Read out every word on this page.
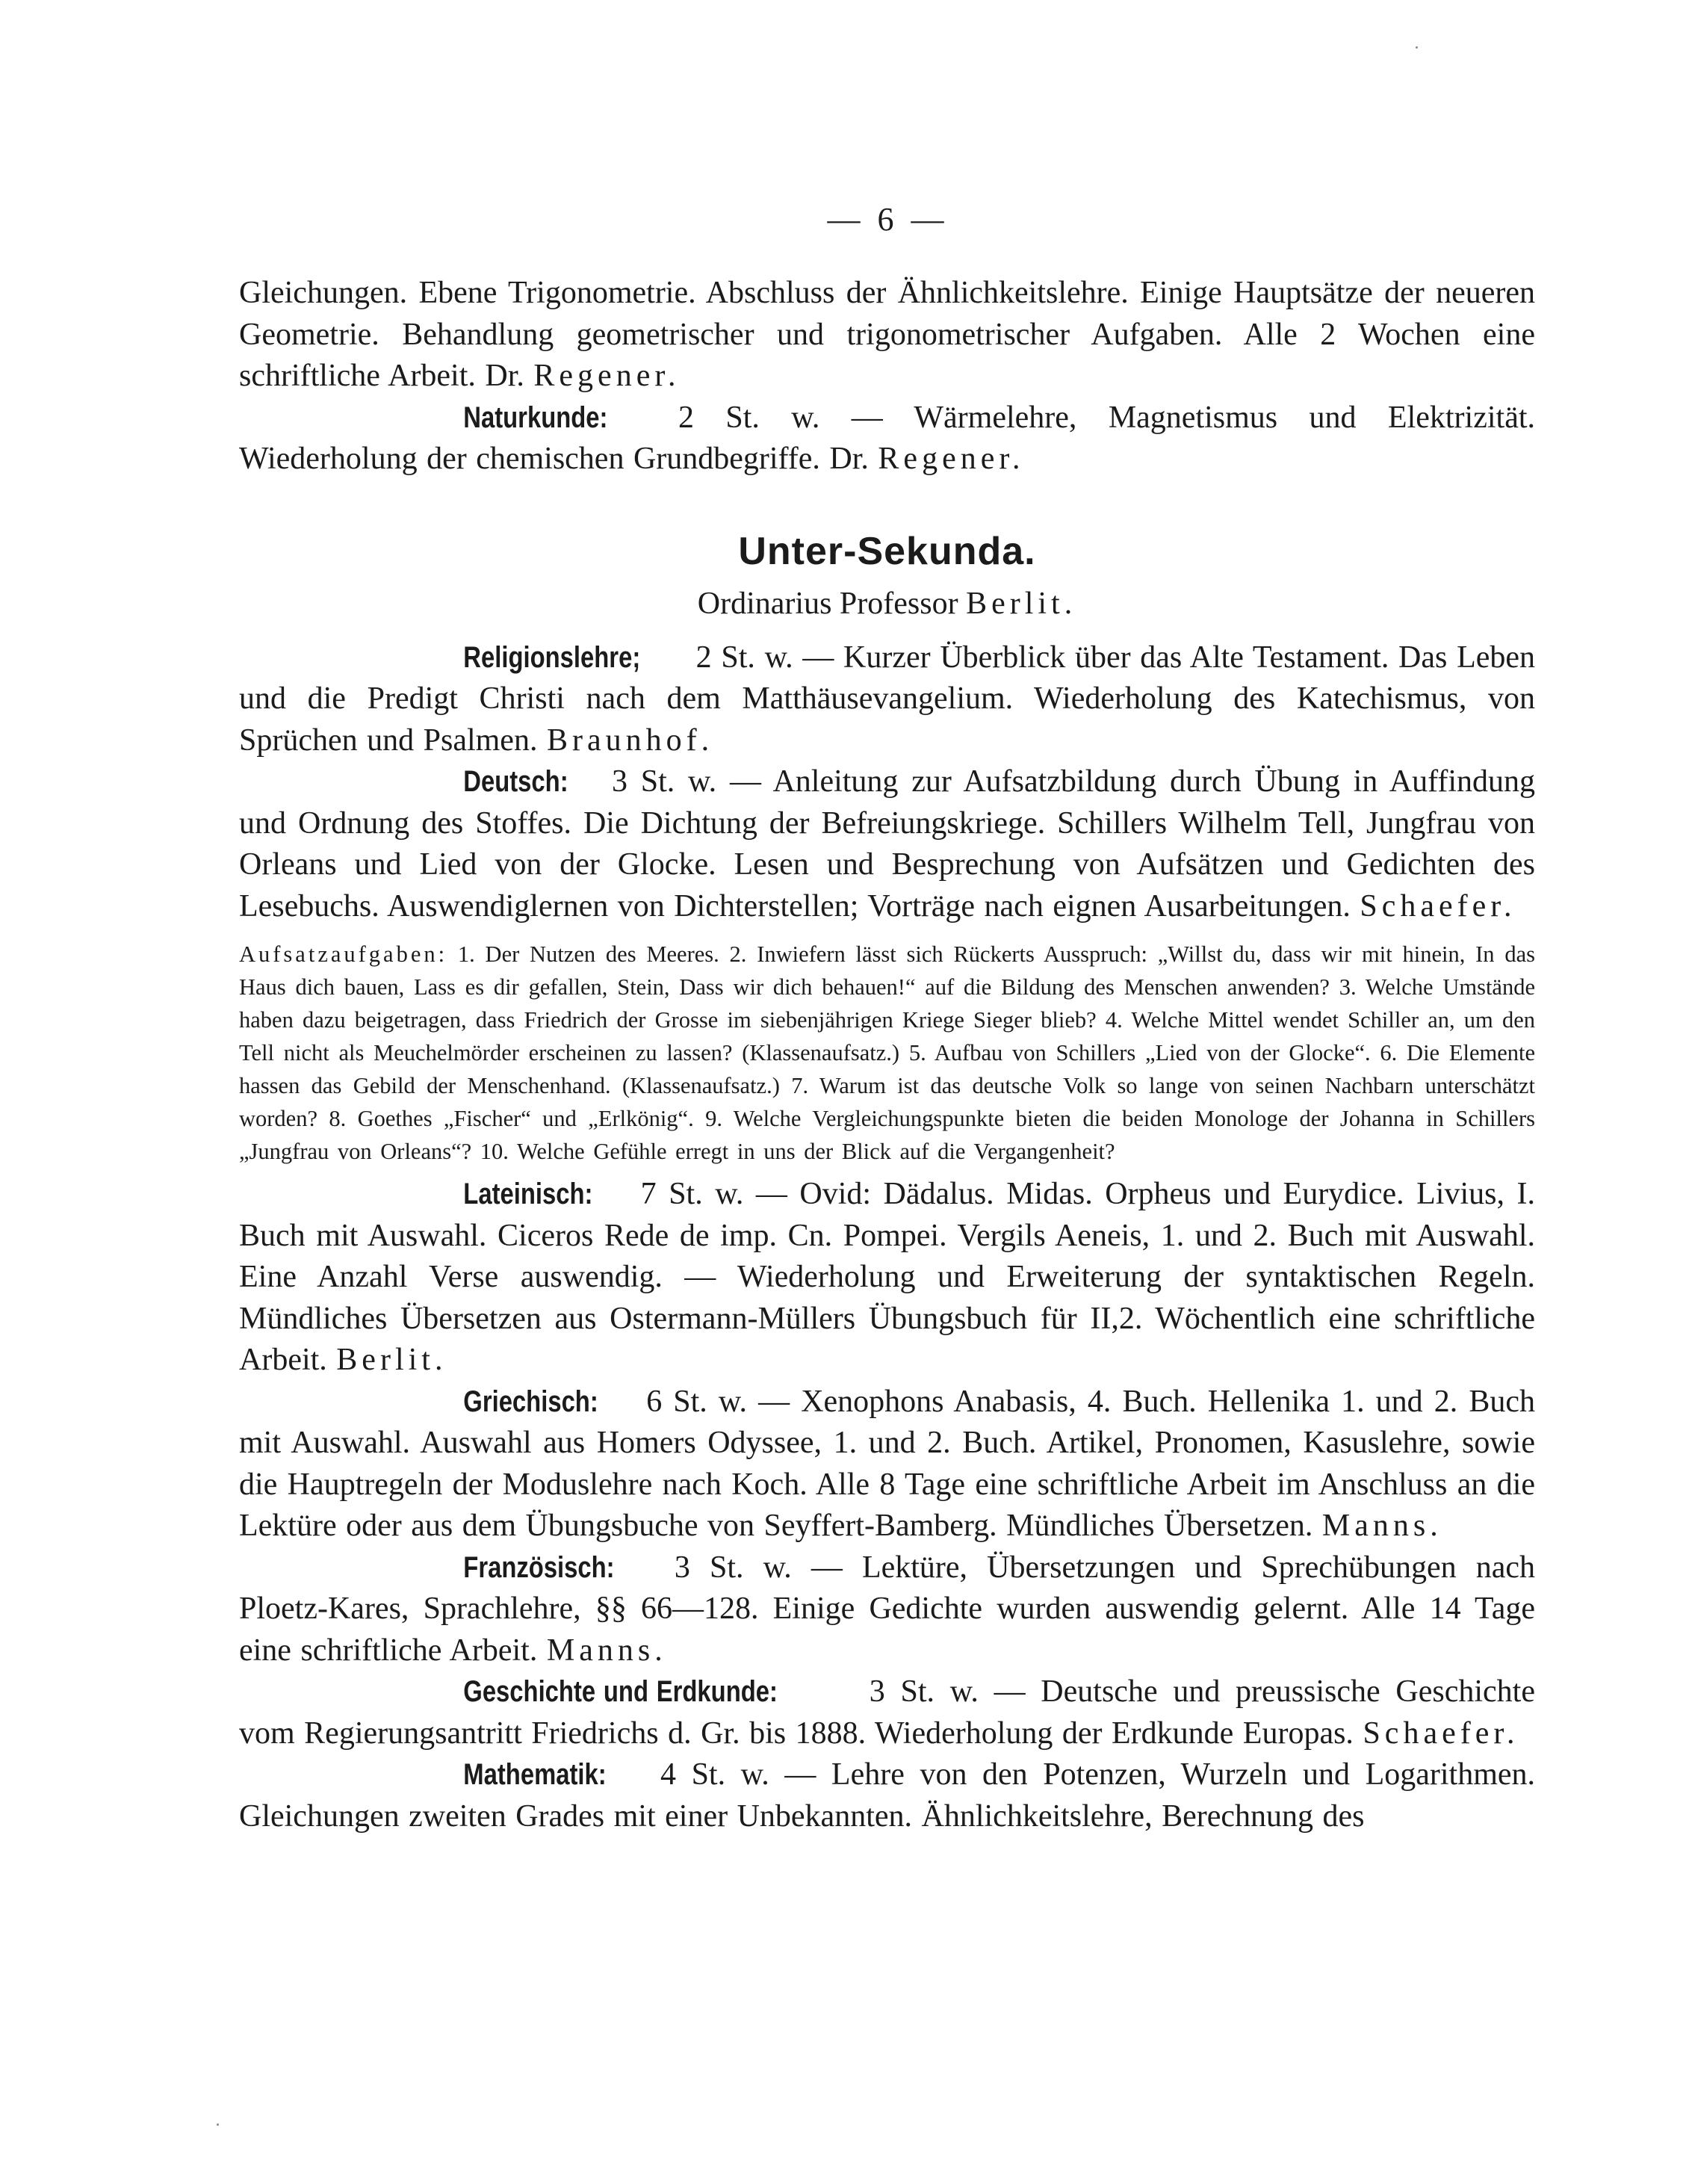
— 6 —

Gleichungen. Ebene Trigonometrie. Abschluss der Ähnlichkeitslehre. Einige Hauptsätze der neueren Geometrie. Behandlung geometrischer und trigonometrischer Aufgaben. Alle 2 Wochen eine schriftliche Arbeit. Dr. Regener.

Naturkunde: 2 St. w. — Wärmelehre, Magnetismus und Elektrizität. Wiederholung der chemischen Grundbegriffe. Dr. Regener.

Unter-Sekunda.

Ordinarius Professor Berlit.

Religionslehre; 2 St. w. — Kurzer Überblick über das Alte Testament. Das Leben und die Predigt Christi nach dem Matthäusevangelium. Wiederholung des Katechismus, von Sprüchen und Psalmen. Braunhof.

Deutsch: 3 St. w. — Anleitung zur Aufsatzbildung durch Übung in Auffindung und Ordnung des Stoffes. Die Dichtung der Befreiungskriege. Schillers Wilhelm Tell, Jungfrau von Orleans und Lied von der Glocke. Lesen und Besprechung von Aufsätzen und Gedichten des Lesebuchs. Auswendiglernen von Dichterstellen; Vorträge nach eignen Ausarbeitungen. Schaefer.

Aufsatzaufgaben: 1. Der Nutzen des Meeres. 2. Inwiefern lässt sich Rückerts Ausspruch: „Willst du, dass wir mit hinein, In das Haus dich bauen, Lass es dir gefallen, Stein, Dass wir dich behauen!“ auf die Bildung des Menschen anwenden? 3. Welche Umstände haben dazu beigetragen, dass Friedrich der Grosse im siebenjährigen Kriege Sieger blieb? 4. Welche Mittel wendet Schiller an, um den Tell nicht als Meuchelmörder erscheinen zu lassen? (Klassenaufsatz.) 5. Aufbau von Schillers „Lied von der Glocke“. 6. Die Elemente hassen das Gebild der Menschenhand. (Klassenaufsatz.) 7. Warum ist das deutsche Volk so lange von seinen Nachbarn unterschätzt worden? 8. Goethes „Fischer“ und „Erlkönig“. 9. Welche Vergleichungspunkte bieten die beiden Monologe der Johanna in Schillers „Jungfrau von Orleans“? 10. Welche Gefühle erregt in uns der Blick auf die Vergangenheit?

Lateinisch: 7 St. w. — Ovid: Dädalus. Midas. Orpheus und Eurydice. Livius, I. Buch mit Auswahl. Ciceros Rede de imp. Cn. Pompei. Vergils Aeneis, 1. und 2. Buch mit Auswahl. Eine Anzahl Verse auswendig. — Wiederholung und Erweiterung der syntaktischen Regeln. Mündliches Übersetzen aus Ostermann-Müllers Übungsbuch für II,2. Wöchentlich eine schriftliche Arbeit. Berlit.

Griechisch: 6 St. w. — Xenophons Anabasis, 4. Buch. Hellenika 1. und 2. Buch mit Auswahl. Auswahl aus Homers Odyssee, 1. und 2. Buch. Artikel, Pronomen, Kasuslehre, sowie die Hauptregeln der Moduslehre nach Koch. Alle 8 Tage eine schriftliche Arbeit im Anschluss an die Lektüre oder aus dem Übungsbuche von Seyffert-Bamberg. Mündliches Übersetzen. Manns.

Französisch: 3 St. w. — Lektüre, Übersetzungen und Sprechübungen nach Ploetz-Kares, Sprachlehre, §§ 66—128. Einige Gedichte wurden auswendig gelernt. Alle 14 Tage eine schriftliche Arbeit. Manns.

Geschichte und Erdkunde:	3 St. w. — Deutsche und preussische Geschichte vom Regierungsantritt Friedrichs d. Gr. bis 1888. Wiederholung der Erdkunde Europas. Schaefer.

Mathematik: 4 St. w. — Lehre von den Potenzen, Wurzeln und Logarithmen. Gleichungen zweiten Grades mit einer Unbekannten. Ähnlichkeitslehre, Berechnung des
